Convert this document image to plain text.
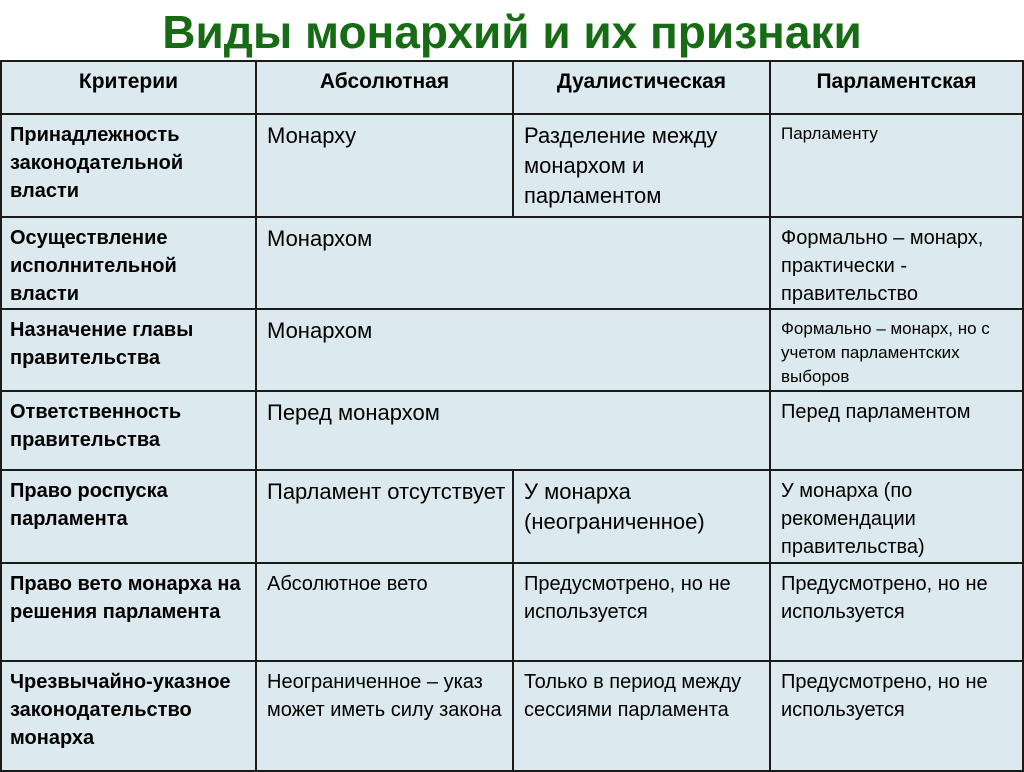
Виды монархий и их признаки
Критерии	Абсолютная	Дуалистическая	Парламентская
Принадлежность законодательной власти	Монарху	Разделение между монархом и парламентом	Парламенту
Осуществление исполнительной власти	Монархом		Формально – монарх, практически - правительство
Назначение главы правительства	Монархом		Формально – монарх, но с учетом парламентских выборов
Ответственность правительства	Перед монархом		Перед парламентом
Право роспуска парламента	Парламент отсутствует	У монарха (неограниченное)	У монарха (по рекомендации правительства)
Право вето монарха на решения парламента	Абсолютное вето	Предусмотрено, но не используется	Предусмотрено, но не используется
Чрезвычайно-указное законодательство монарха	Неограниченное – указ может иметь силу закона	Только в период между сессиями парламента	Предусмотрено, но не используется
